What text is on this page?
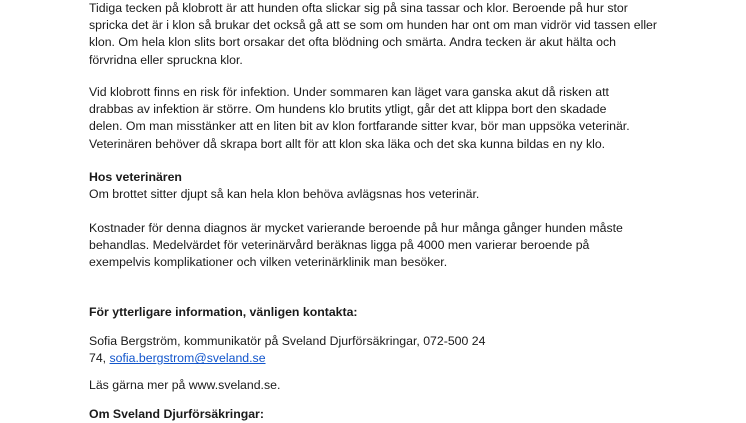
Tidiga tecken på klobrott är att hunden ofta slickar sig på sina tassar och klor. Beroende på hur stor

spricka det är i klon så brukar det också gå att se som om hunden har ont om man vidrör vid tassen eller

klon. Om hela klon slits bort orsakar det ofta blödning och smärta. Andra tecken är akut hälta och

förvridna eller spruckna klor.

Vid klobrott finns en risk för infektion. Under sommaren kan läget vara ganska akut då risken att

drabbas av infektion är större. Om hundens klo brutits ytligt, går det att klippa bort den skadade

delen. Om man misstänker att en liten bit av klon fortfarande sitter kvar, bör man uppsöka veterinär.

Veterinären behöver då skrapa bort allt för att klon ska läka och det ska kunna bildas en ny klo.

Hos veterinären

Om brottet sitter djupt så kan hela klon behöva avlägsnas hos veterinär.

Kostnader för denna diagnos är mycket varierande beroende på hur många gånger hunden måste

behandlas. Medelvärdet för veterinärvård beräknas ligga på 4000 men varierar beroende på

exempelvis komplikationer och vilken veterinärklinik man besöker.

För ytterligare information, vänligen kontakta:

Sofia Bergström, kommunikatör på Sveland Djurförsäkringar, 072-500 24

74, sofia.bergstrom@sveland.se

Läs gärna mer på www.sveland.se.

Om Sveland Djurförsäkringar:
